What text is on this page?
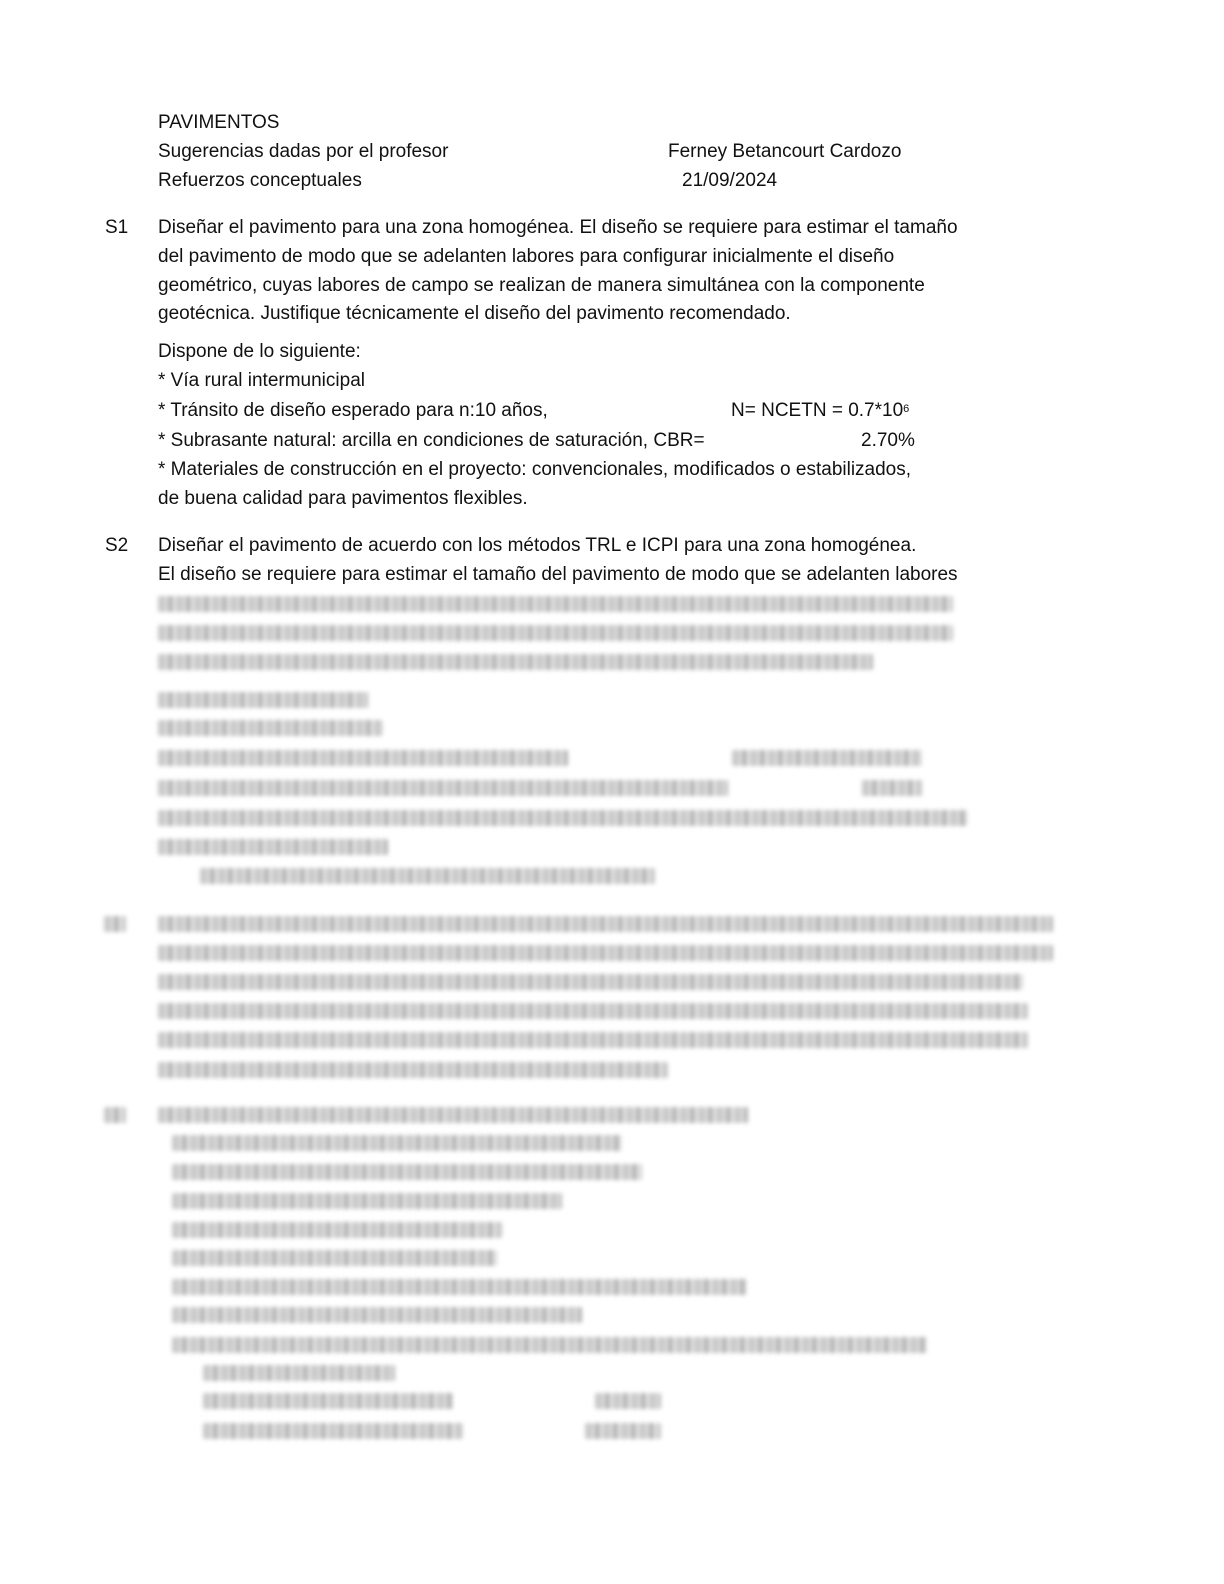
PAVIMENTOS
Sugerencias dadas por el profesor	Ferney Betancourt Cardozo
Refuerzos conceptuales	21/09/2024
S1 Diseñar el pavimento para una zona homogénea. El diseño se requiere para estimar el tamaño
del pavimento de modo que se adelanten labores para configurar inicialmente el diseño
geométrico, cuyas labores de campo se realizan de manera simultánea con la componente
geotécnica. Justifique técnicamente el diseño del pavimento recomendado.
Dispone de lo siguiente:
* Vía rural intermunicipal
* Tránsito de diseño esperado para n:10 años,	N= NCETN = $0.7*10^6$
* Subrasante natural: arcilla en condiciones de saturación, CBR=	2.70%
* Materiales de construcción en el proyecto: convencionales, modificados o estabilizados,
de buena calidad para pavimentos flexibles.
S2 Diseñar el pavimento de acuerdo con los métodos TRL e ICPI para una zona homogénea.
El diseño se requiere para estimar el tamaño del pavimento de modo que se adelanten labores
